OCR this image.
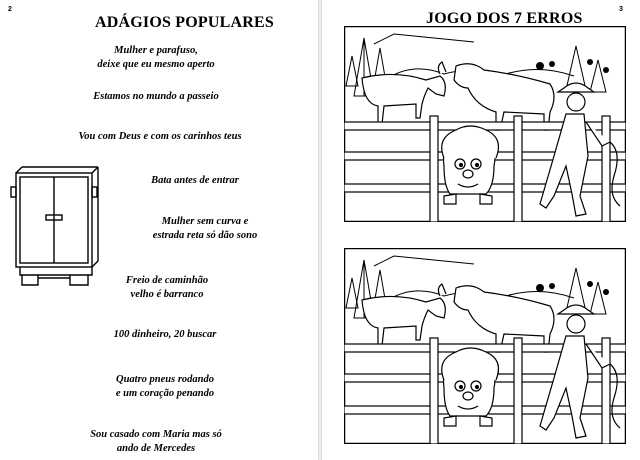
2
ADÁGIOS POPULARES
Mulher e parafuso,
deixe que eu mesmo aperto
Estamos no mundo a passeio
Vou com Deus e com os carinhos teus
Bata antes de entrar
Mulher sem curva e
estrada reta só dão sono
Freio de caminhão
velho é barranco
100 dinheiro, 20 buscar
Quatro pneus rodando
e um coração penando
Sou casado com Maria mas só
ando de Mercedes
3
JOGO DOS 7 ERROS
